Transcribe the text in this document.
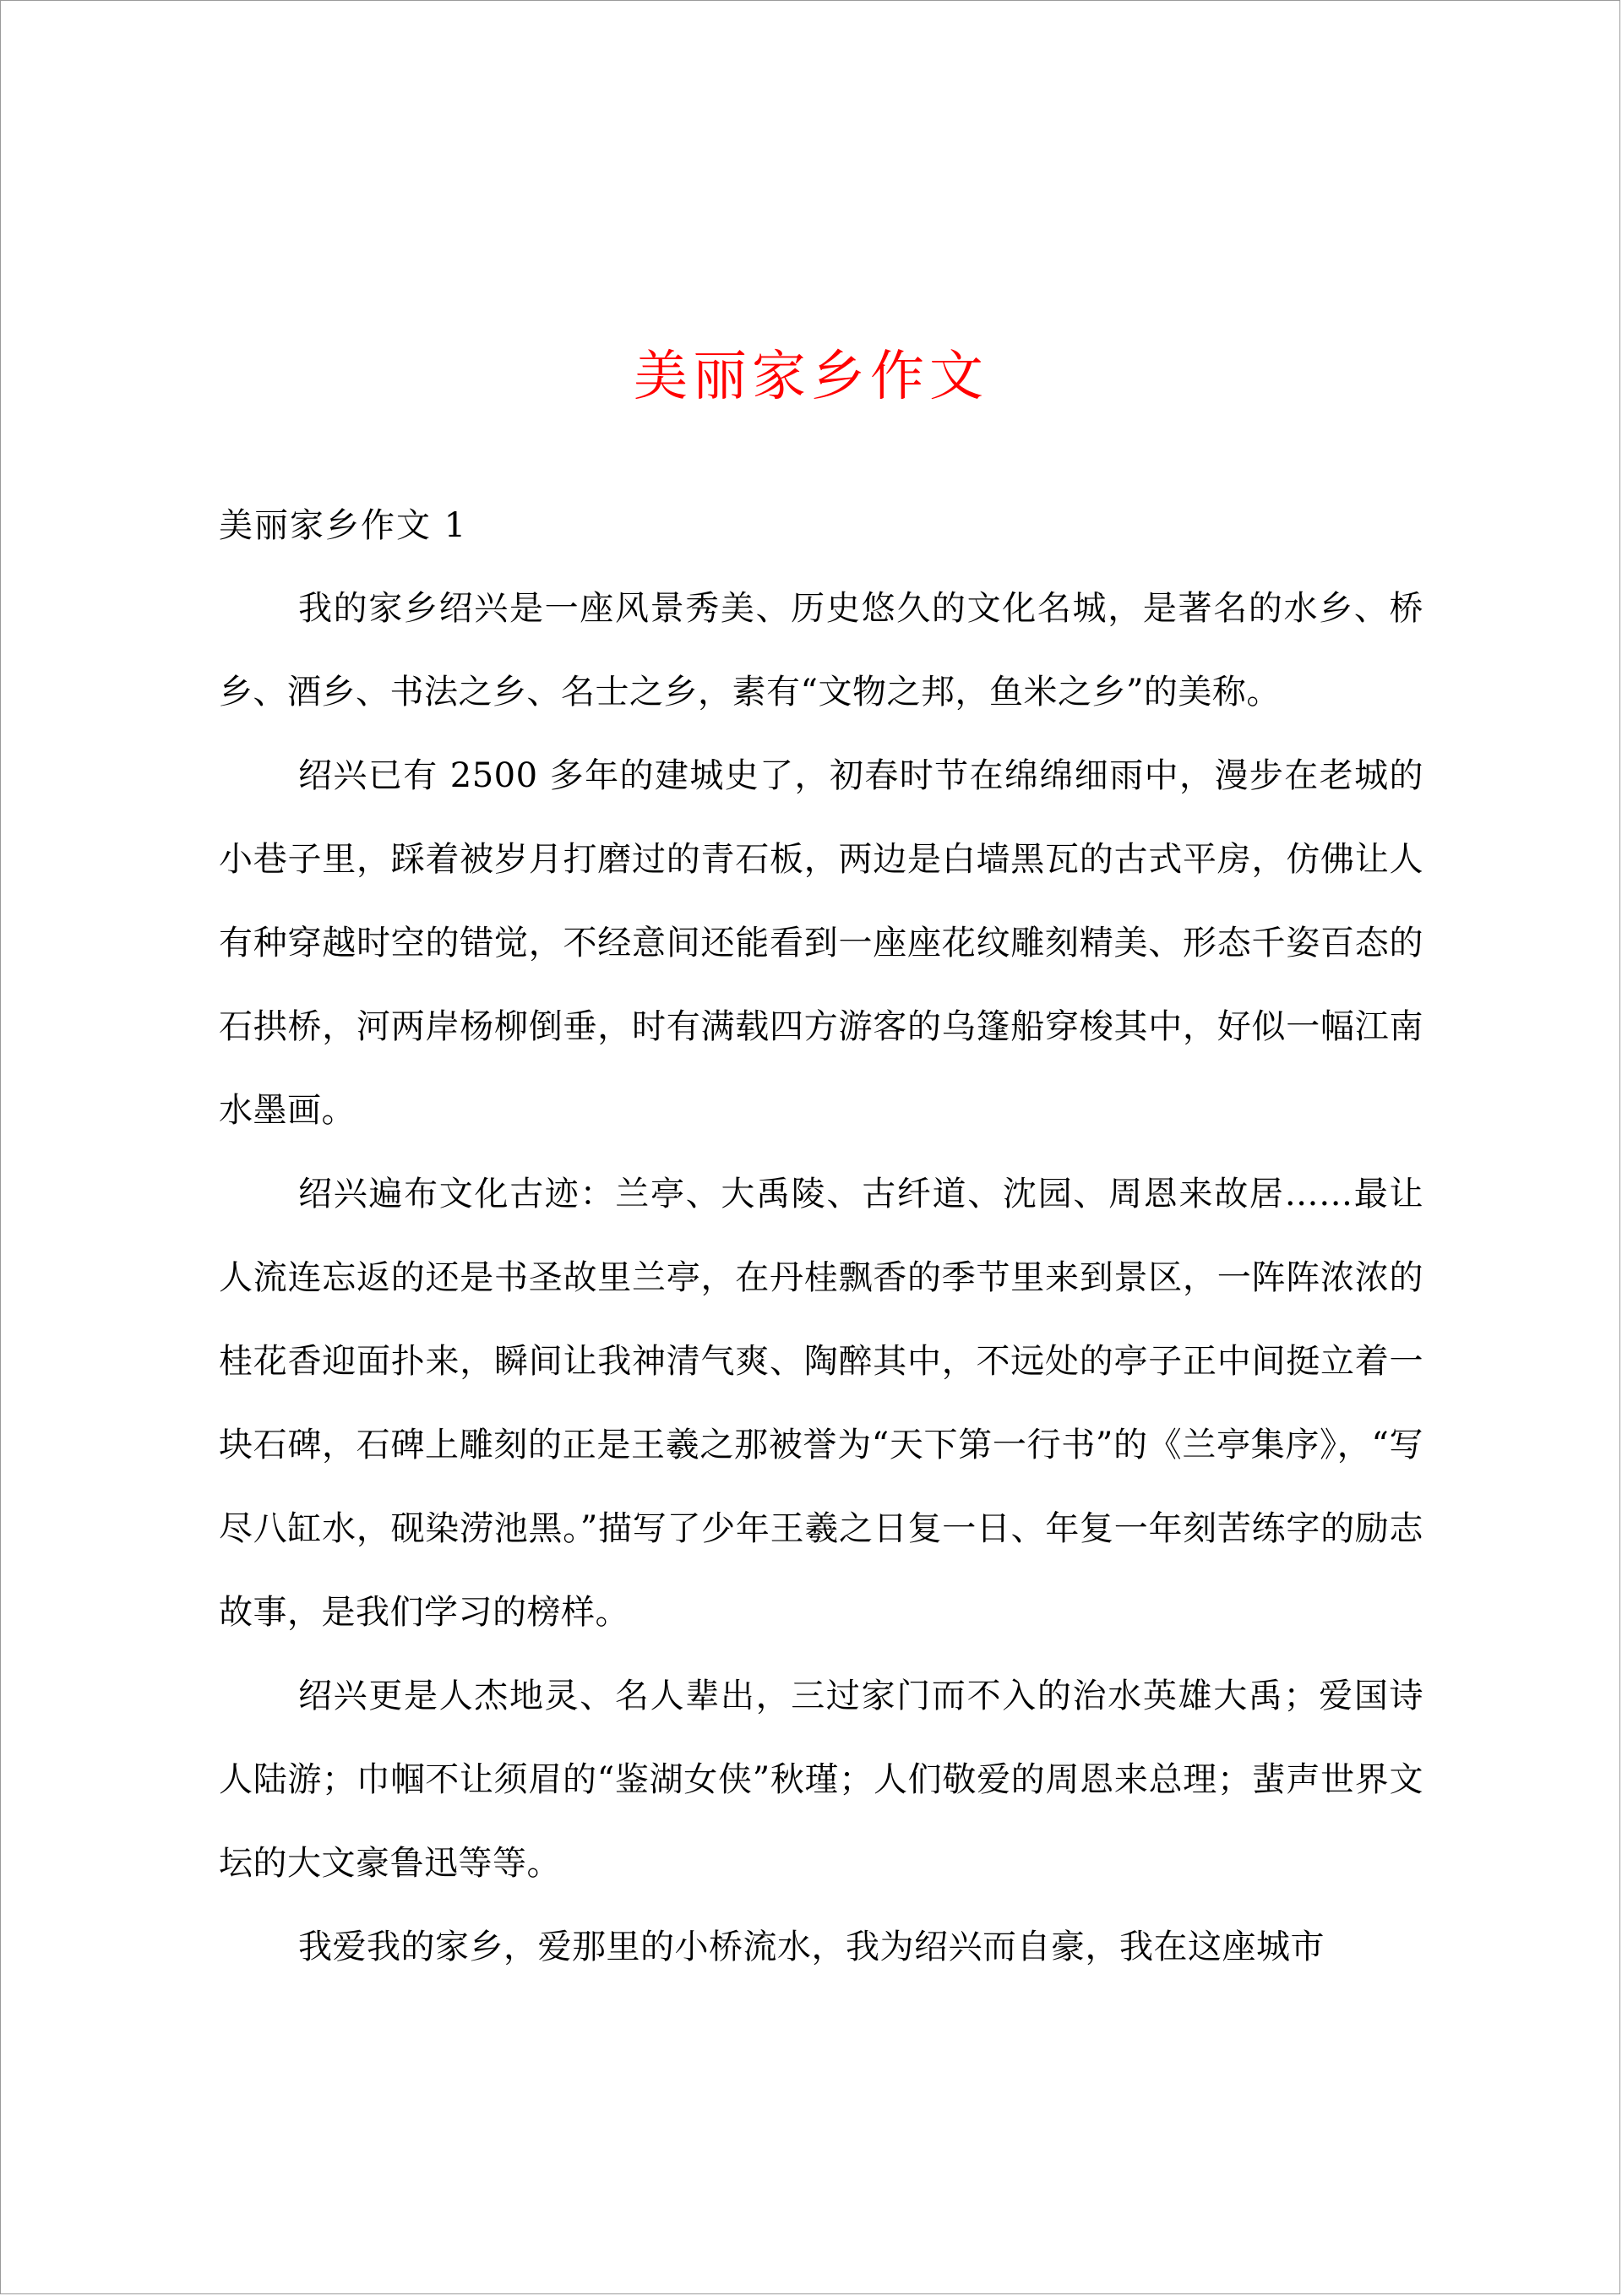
美丽家乡作文

美丽家乡作文 1

我的家乡绍兴是一座风景秀美、历史悠久的文化名城，是著名的水乡、桥乡、酒乡、书法之乡、名士之乡，素有“文物之邦，鱼米之乡”的美称。

绍兴已有 2500 多年的建城史了，初春时节在绵绵细雨中，漫步在老城的小巷子里，踩着被岁月打磨过的青石板，两边是白墙黑瓦的古式平房，仿佛让人有种穿越时空的错觉，不经意间还能看到一座座花纹雕刻精美、形态千姿百态的石拱桥，河两岸杨柳倒垂，时有满载四方游客的乌篷船穿梭其中，好似一幅江南水墨画。

绍兴遍布文化古迹：兰亭、大禹陵、古纤道、沈园、周恩来故居……最让人流连忘返的还是书圣故里兰亭，在丹桂飘香的季节里来到景区，一阵阵浓浓的桂花香迎面扑来，瞬间让我神清气爽、陶醉其中，不远处的亭子正中间挺立着一块石碑，石碑上雕刻的正是王羲之那被誉为“天下第一行书”的《兰亭集序》，“写尽八缸水，砚染涝池黑。”描写了少年王羲之日复一日、年复一年刻苦练字的励志故事，是我们学习的榜样。

绍兴更是人杰地灵、名人辈出，三过家门而不入的治水英雄大禹；爱国诗人陆游；巾帼不让须眉的“鉴湖女侠”秋瑾；人们敬爱的周恩来总理；蜚声世界文坛的大文豪鲁迅等等。

我爱我的家乡，爱那里的小桥流水，我为绍兴而自豪，我在这座城市
